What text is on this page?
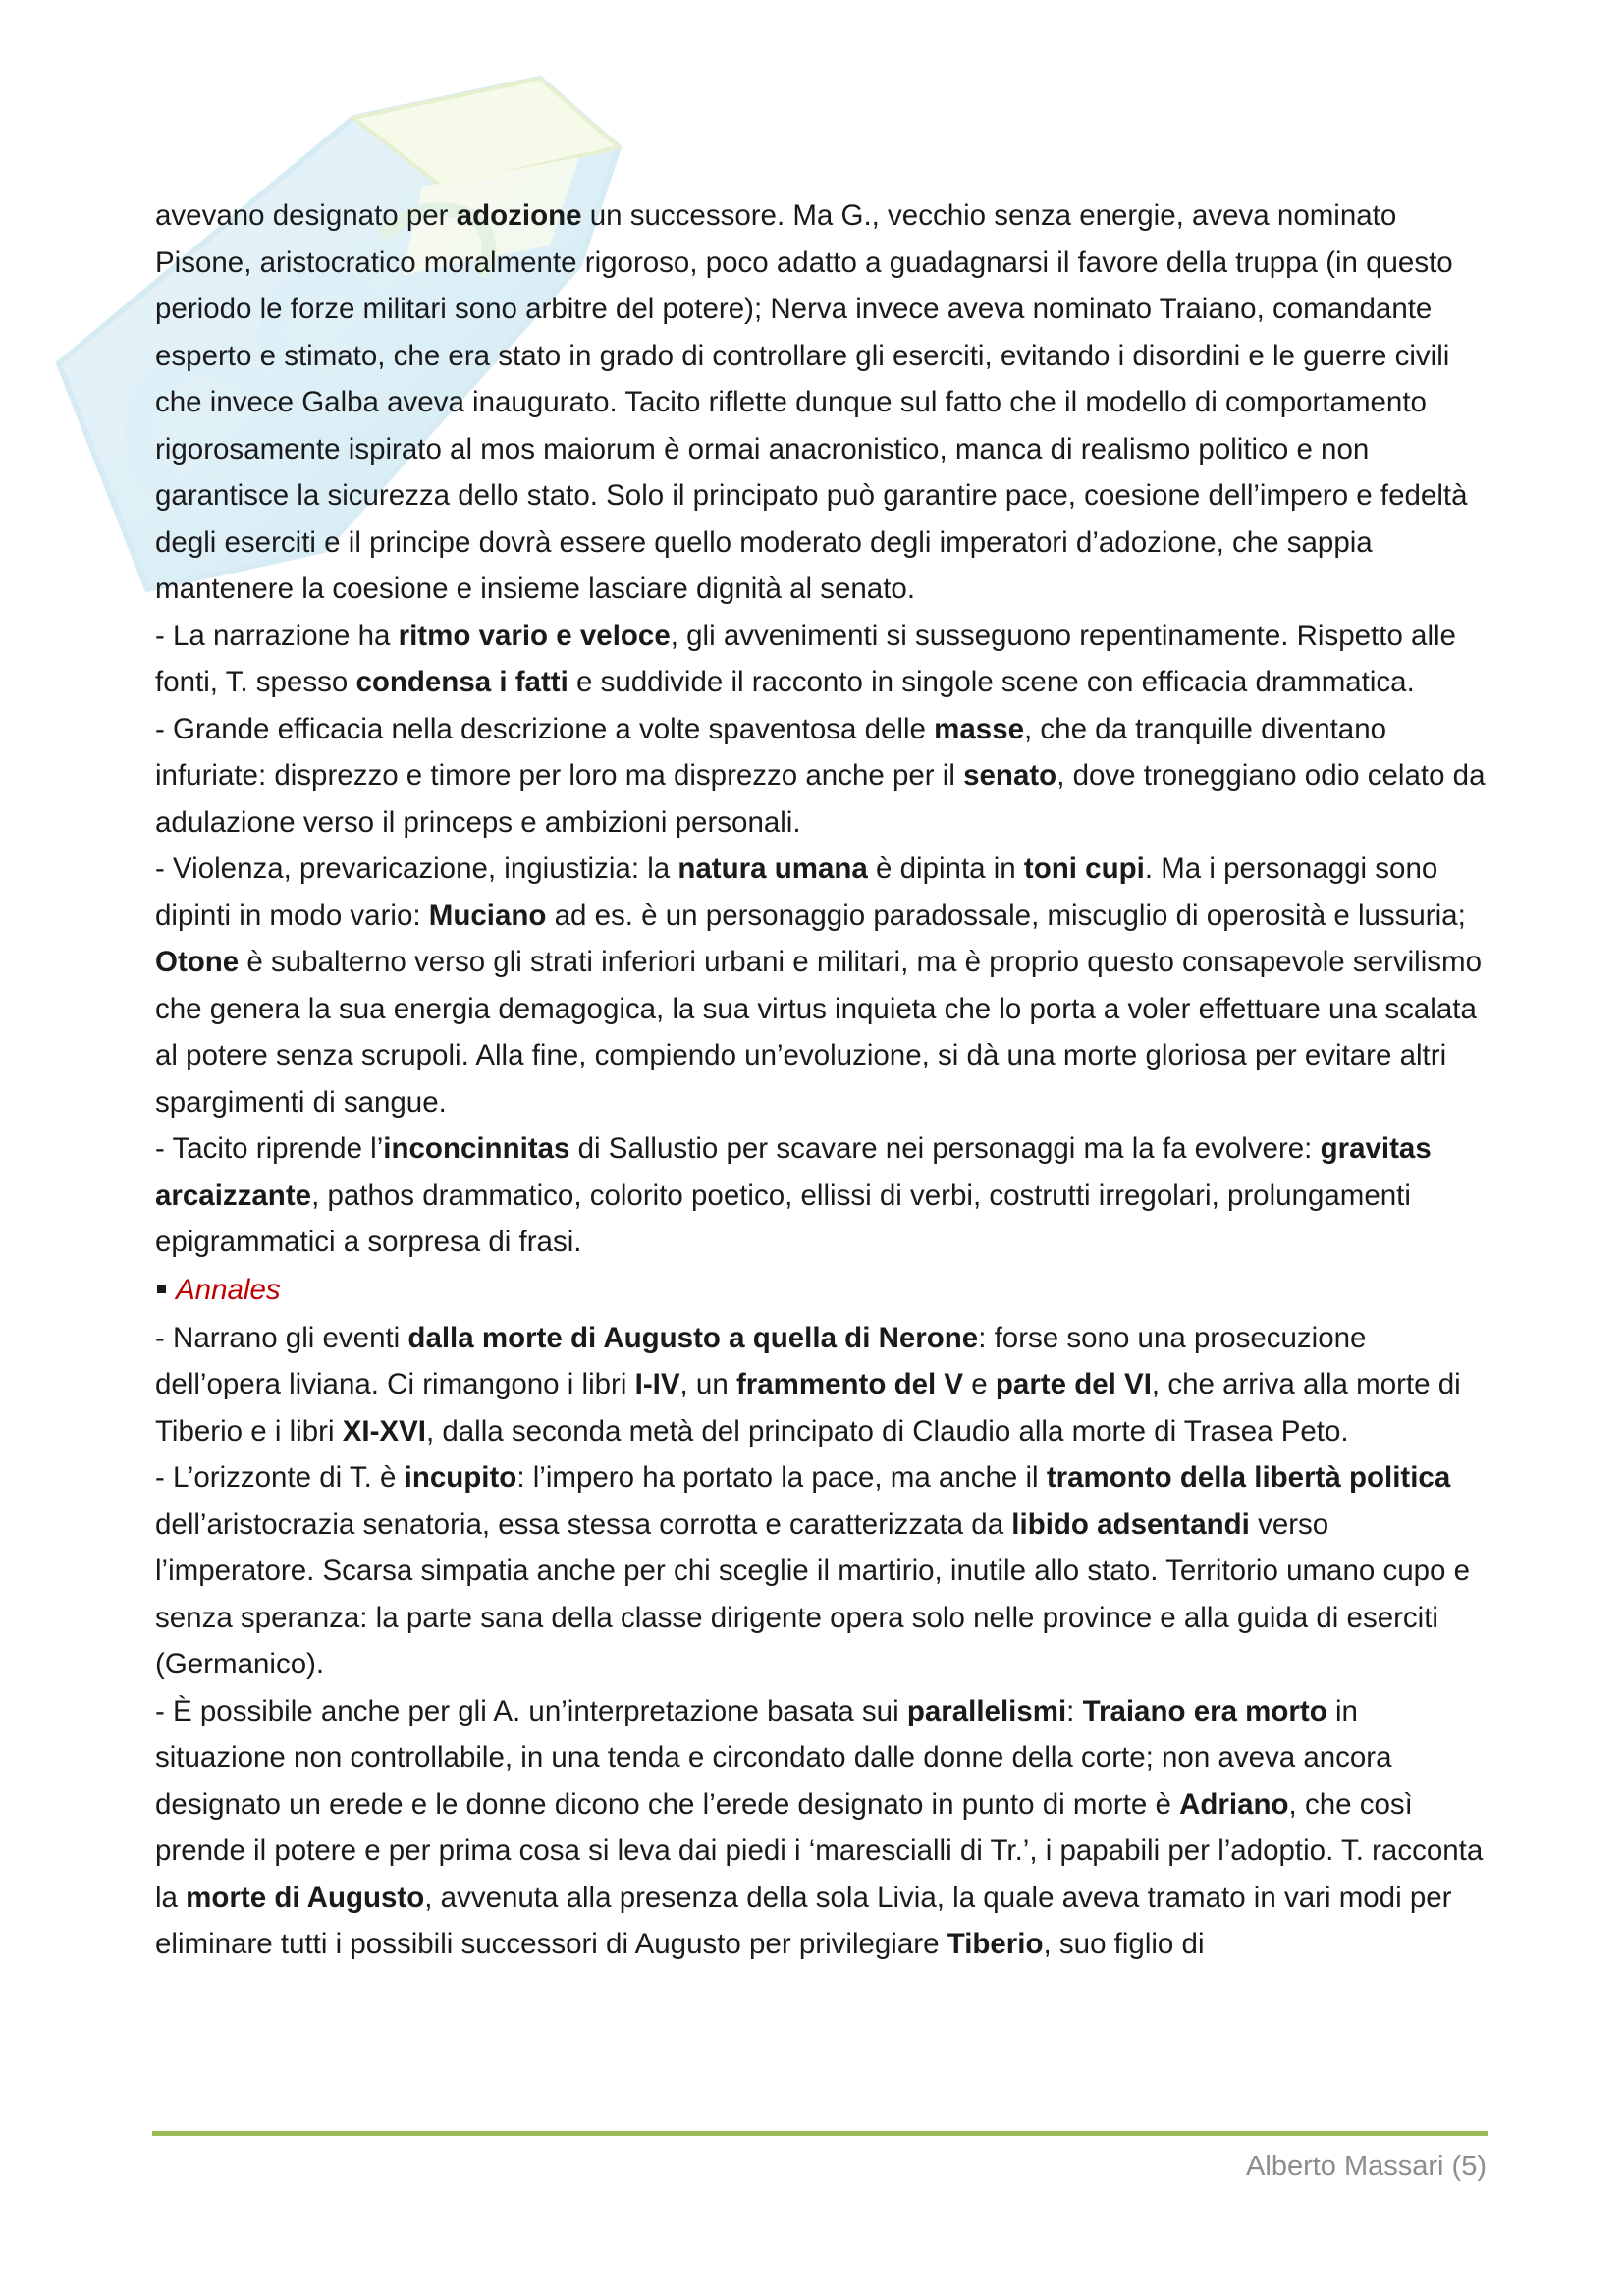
avevano designato per adozione un successore. Ma G., vecchio senza energie, aveva nominato Pisone, aristocratico moralmente rigoroso, poco adatto a guadagnarsi il favore della truppa (in questo periodo le forze militari sono arbitre del potere); Nerva invece aveva nominato Traiano, comandante esperto e stimato, che era stato in grado di controllare gli eserciti, evitando i disordini e le guerre civili che invece Galba aveva inaugurato. Tacito riflette dunque sul fatto che il modello di comportamento rigorosamente ispirato al mos maiorum è ormai anacronistico, manca di realismo politico e non garantisce la sicurezza dello stato. Solo il principato può garantire pace, coesione dell’impero e fedeltà degli eserciti e il principe dovrà essere quello moderato degli imperatori d’adozione, che sappia mantenere la coesione e insieme lasciare dignità al senato.

- La narrazione ha ritmo vario e veloce, gli avvenimenti si susseguono repentinamente. Rispetto alle fonti, T. spesso condensa i fatti e suddivide il racconto in singole scene con efficacia drammatica.

- Grande efficacia nella descrizione a volte spaventosa delle masse, che da tranquille diventano infuriate: disprezzo e timore per loro ma disprezzo anche per il senato, dove troneggiano odio celato da adulazione verso il princeps e ambizioni personali.

- Violenza, prevaricazione, ingiustizia: la natura umana è dipinta in toni cupi. Ma i personaggi sono dipinti in modo vario: Muciano ad es. è un personaggio paradossale, miscuglio di operosità e lussuria; Otone è subalterno verso gli strati inferiori urbani e militari, ma è proprio questo consapevole servilismo che genera la sua energia demagogica, la sua virtus inquieta che lo porta a voler effettuare una scalata al potere senza scrupoli. Alla fine, compiendo un’evoluzione, si dà una morte gloriosa per evitare altri spargimenti di sangue.

- Tacito riprende l’inconcinnitas di Sallustio per scavare nei personaggi ma la fa evolvere: gravitas arcaizzante, pathos drammatico, colorito poetico, ellissi di verbi, costrutti irregolari, prolungamenti epigrammatici a sorpresa di frasi.

Annales

- Narrano gli eventi dalla morte di Augusto a quella di Nerone: forse sono una prosecuzione dell’opera liviana. Ci rimangono i libri I-IV, un frammento del V e parte del VI, che arriva alla morte di Tiberio e i libri XI-XVI, dalla seconda metà del principato di Claudio alla morte di Trasea Peto.

- L’orizzonte di T. è incupito: l’impero ha portato la pace, ma anche il tramonto della libertà politica dell’aristocrazia senatoria, essa stessa corrotta e caratterizzata da libido adsentandi verso l’imperatore. Scarsa simpatia anche per chi sceglie il martirio, inutile allo stato. Territorio umano cupo e senza speranza: la parte sana della classe dirigente opera solo nelle province e alla guida di eserciti (Germanico).

- È possibile anche per gli A. un’interpretazione basata sui parallelismi: Traiano era morto in situazione non controllabile, in una tenda e circondato dalle donne della corte; non aveva ancora designato un erede e le donne dicono che l’erede designato in punto di morte è Adriano, che così prende il potere e per prima cosa si leva dai piedi i ‘marescialli di Tr.’, i papabili per l’adoptio. T. racconta la morte di Augusto, avvenuta alla presenza della sola Livia, la quale aveva tramato in vari modi per eliminare tutti i possibili successori di Augusto per privilegiare Tiberio, suo figlio di

Alberto Massari (5)
